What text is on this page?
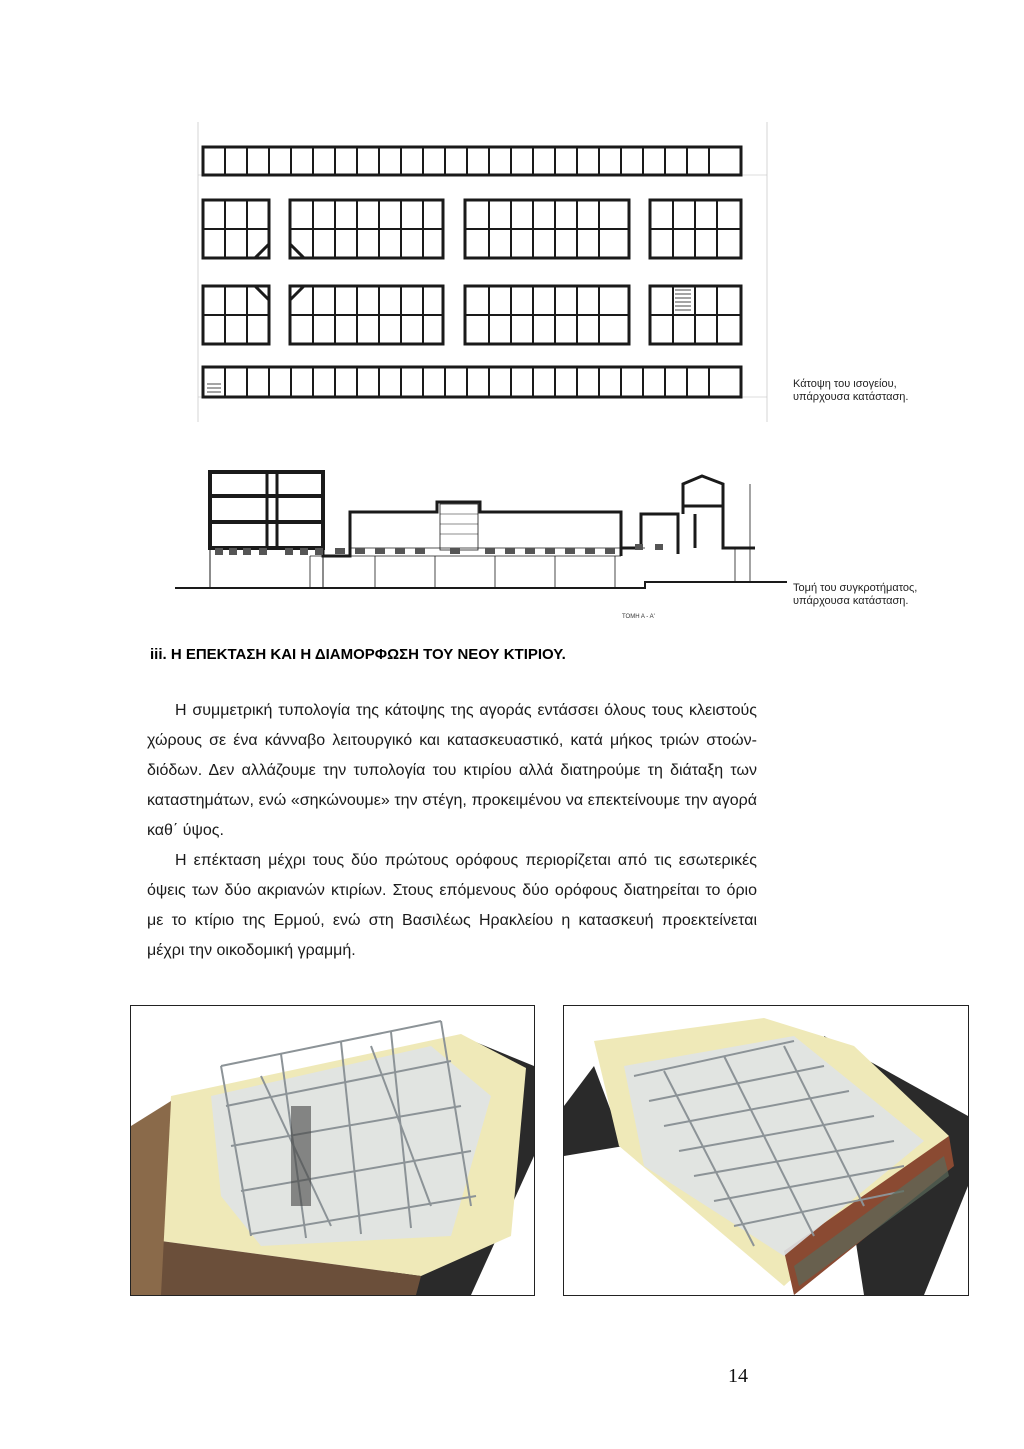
Κάτοψη του ισογείου,
υπάρχουσα κατάσταση.
ΤΟΜΗ Α - Α'
Τομή του συγκροτήματος,
υπάρχουσα κατάσταση.
iii. Η ΕΠΕΚΤΑΣΗ ΚΑΙ Η ΔΙΑΜΟΡΦΩΣΗ ΤΟΥ ΝΕΟΥ ΚΤΙΡΙΟΥ.

Η συμμετρική τυπολογία της κάτοψης της αγοράς εντάσσει όλους τους κλειστούς χώρους σε ένα κάνναβο λειτουργικό και κατασκευαστικό, κατά μήκος τριών στοών-διόδων. Δεν αλλάζουμε την τυπολογία του κτιρίου αλλά διατηρούμε τη διάταξη των καταστημάτων, ενώ «σηκώνουμε» την στέγη, προκειμένου να επεκτείνουμε την αγορά καθ΄ ύψος.

Η επέκταση μέχρι τους δύο πρώτους ορόφους περιορίζεται από τις εσωτερικές όψεις των δύο ακριανών κτιρίων. Στους επόμενους δύο ορόφους διατηρείται το όριο με το κτίριο της Ερμού, ενώ στη Βασιλέως Ηρακλείου η κατασκευή προεκτείνεται μέχρι την οικοδομική γραμμή.

14
